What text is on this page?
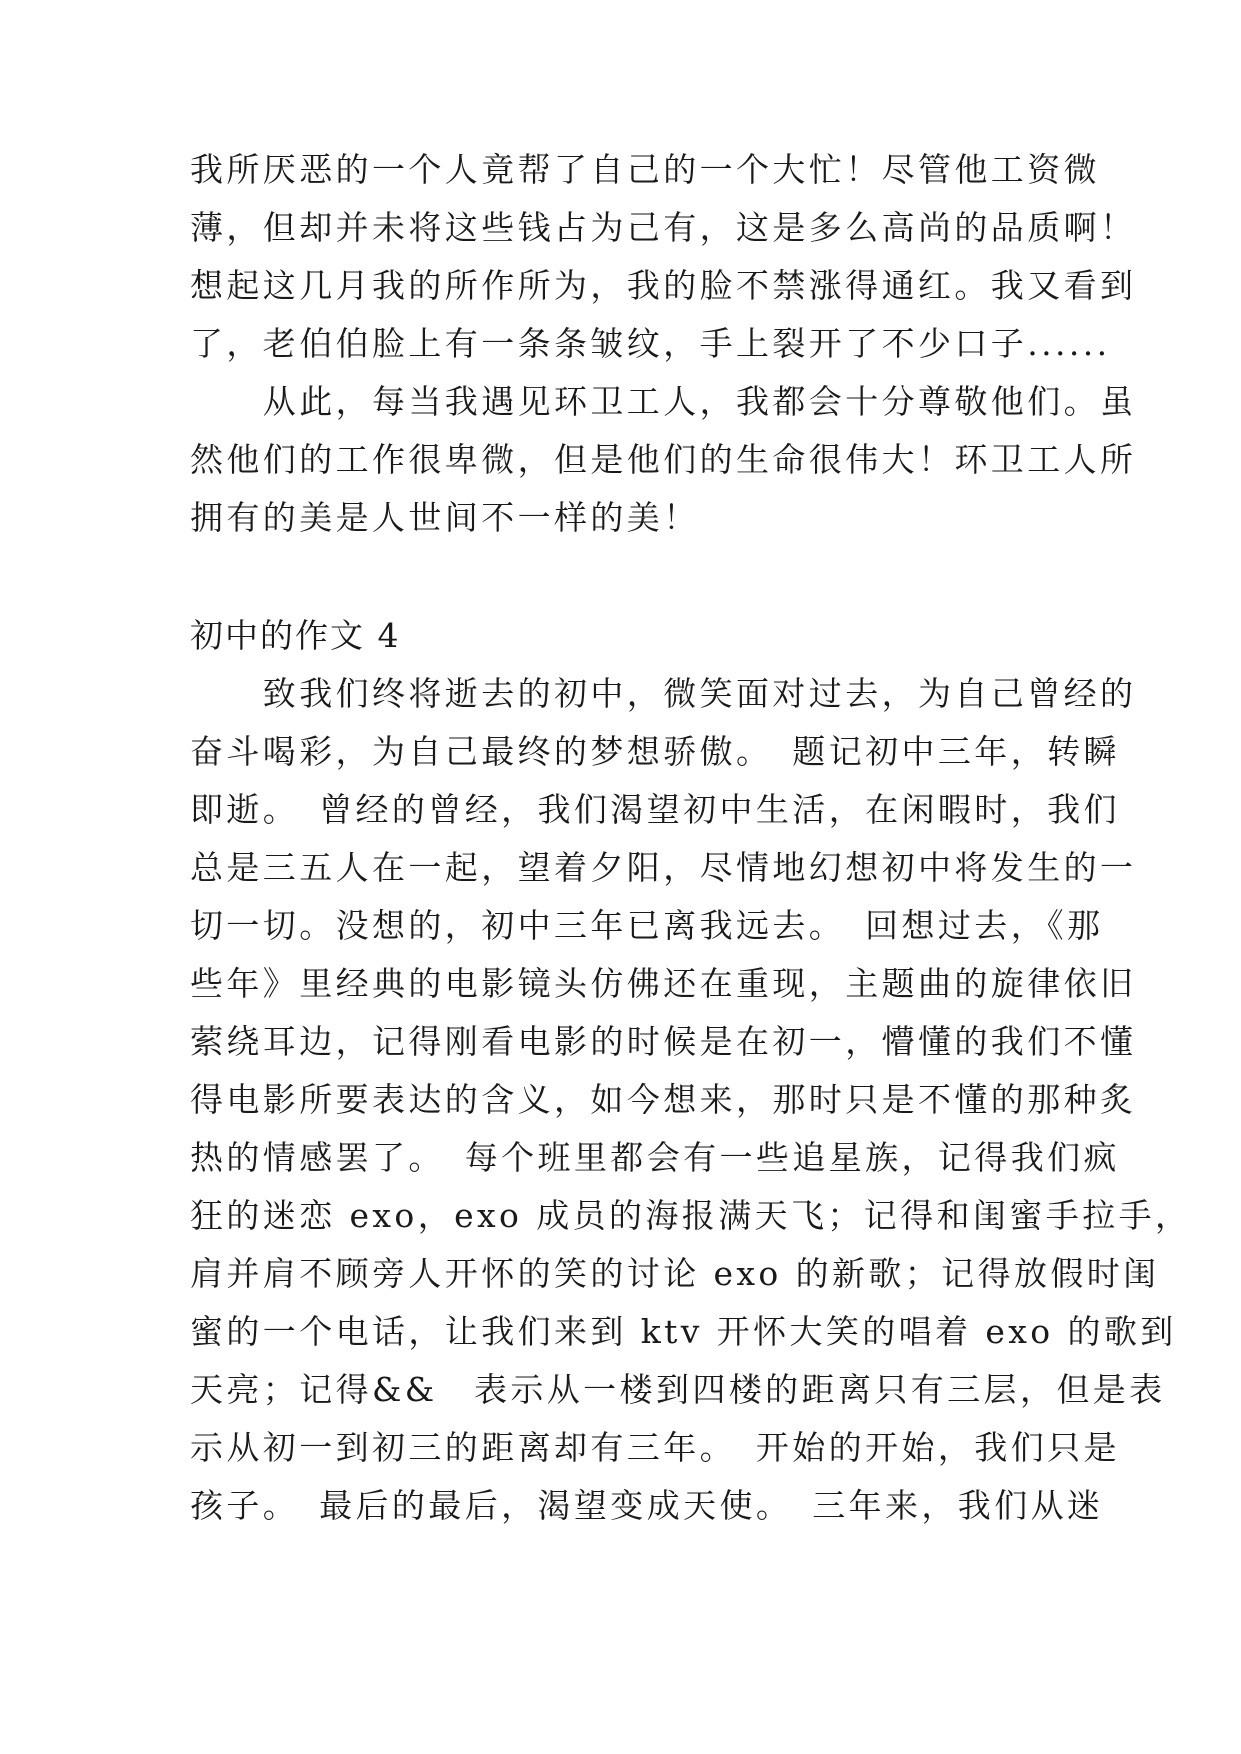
我所厌恶的一个人竟帮了自己的一个大忙！尽管他工资微
薄，但却并未将这些钱占为己有，这是多么高尚的品质啊！
想起这几月我的所作所为，我的脸不禁涨得通红。我又看到
了，老伯伯脸上有一条条皱纹，手上裂开了不少口子......
　　从此，每当我遇见环卫工人，我都会十分尊敬他们。虽
然他们的工作很卑微，但是他们的生命很伟大！环卫工人所
拥有的美是人世间不一样的美！
初中的作文 4
　　致我们终将逝去的初中，微笑面对过去，为自己曾经的
奋斗喝彩，为自己最终的梦想骄傲。　题记初中三年，转瞬
即逝。　曾经的曾经，我们渴望初中生活，在闲暇时，我们
总是三五人在一起，望着夕阳，尽情地幻想初中将发生的一
切一切。没想的，初中三年已离我远去。　回想过去，《那
些年》里经典的电影镜头仿佛还在重现，主题曲的旋律依旧
萦绕耳边，记得刚看电影的时候是在初一，懵懂的我们不懂
得电影所要表达的含义，如今想来，那时只是不懂的那种炙
热的情感罢了。　每个班里都会有一些追星族，记得我们疯
狂的迷恋 exo，exo 成员的海报满天飞；记得和闺蜜手拉手，
肩并肩不顾旁人开怀的笑的讨论 exo 的新歌；记得放假时闺
蜜的一个电话，让我们来到 ktv 开怀大笑的唱着 exo 的歌到
天亮；记得&&　表示从一楼到四楼的距离只有三层，但是表
示从初一到初三的距离却有三年。　开始的开始，我们只是
孩子。　最后的最后，渴望变成天使。　三年来，我们从迷
